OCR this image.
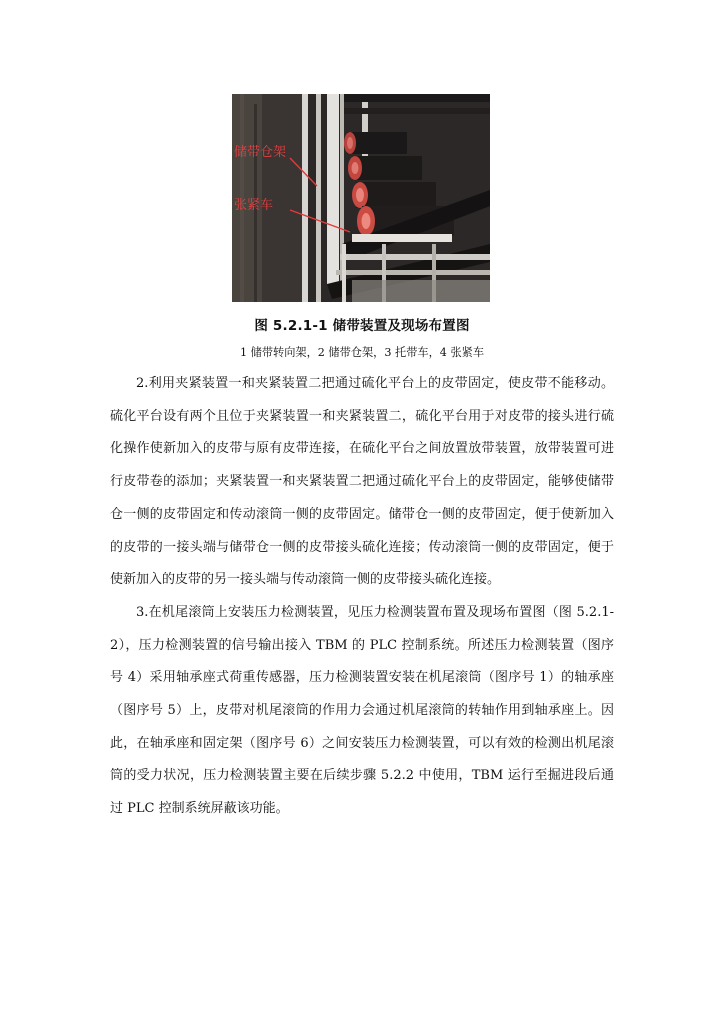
储带仓架
张紧车
图 5.2.1-1 储带装置及现场布置图
1 储带转向架，2 储带仓架，3 托带车，4 张紧车

2.利用夹紧装置一和夹紧装置二把通过硫化平台上的皮带固定，使皮带不能移动。硫化平台设有两个且位于夹紧装置一和夹紧装置二，硫化平台用于对皮带的接头进行硫化操作使新加入的皮带与原有皮带连接，在硫化平台之间放置放带装置，放带装置可进行皮带卷的添加；夹紧装置一和夹紧装置二把通过硫化平台上的皮带固定，能够使储带仓一侧的皮带固定和传动滚筒一侧的皮带固定。储带仓一侧的皮带固定，便于使新加入的皮带的一接头端与储带仓一侧的皮带接头硫化连接；传动滚筒一侧的皮带固定，便于使新加入的皮带的另一接头端与传动滚筒一侧的皮带接头硫化连接。

3.在机尾滚筒上安装压力检测装置，见压力检测装置布置及现场布置图（图 5.2.1-2），压力检测装置的信号输出接入 TBM 的 PLC 控制系统。所述压力检测装置（图序号 4）采用轴承座式荷重传感器，压力检测装置安装在机尾滚筒（图序号 1）的轴承座（图序号 5）上，皮带对机尾滚筒的作用力会通过机尾滚筒的转轴作用到轴承座上。因此，在轴承座和固定架（图序号 6）之间安装压力检测装置，可以有效的检测出机尾滚筒的受力状况，压力检测装置主要在后续步骤 5.2.2 中使用，TBM 运行至掘进段后通过 PLC 控制系统屏蔽该功能。
